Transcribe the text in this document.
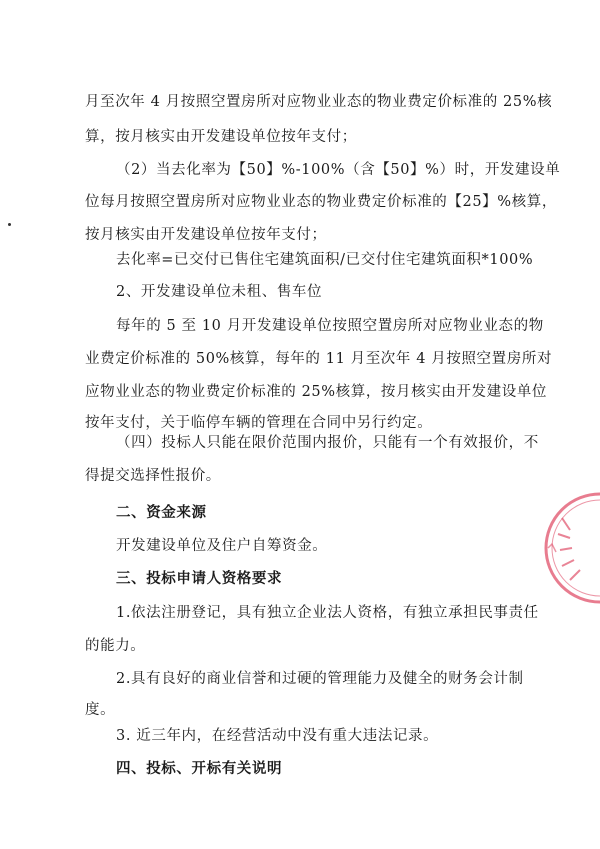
月至次年 4 月按照空置房所对应物业业态的物业费定价标准的 25%核
算，按月核实由开发建设单位按年支付；
（2）当去化率为【50】%-100%（含【50】%）时，开发建设单
位每月按照空置房所对应物业业态的物业费定价标准的【25】%核算，
按月核实由开发建设单位按年支付；
去化率=已交付已售住宅建筑面积/已交付住宅建筑面积*100%
2、开发建设单位未租、售车位
每年的 5 至 10 月开发建设单位按照空置房所对应物业业态的物
业费定价标准的 50%核算，每年的 11 月至次年 4 月按照空置房所对
应物业业态的物业费定价标准的 25%核算，按月核实由开发建设单位
按年支付，关于临停车辆的管理在合同中另行约定。
（四）投标人只能在限价范围内报价，只能有一个有效报价，不
得提交选择性报价。
二、资金来源
开发建设单位及住户自筹资金。
三、投标申请人资格要求
1.依法注册登记，具有独立企业法人资格，有独立承担民事责任
的能力。
2.具有良好的商业信誉和过硬的管理能力及健全的财务会计制
度。
3. 近三年内，在经营活动中没有重大违法记录。
四、投标、开标有关说明
